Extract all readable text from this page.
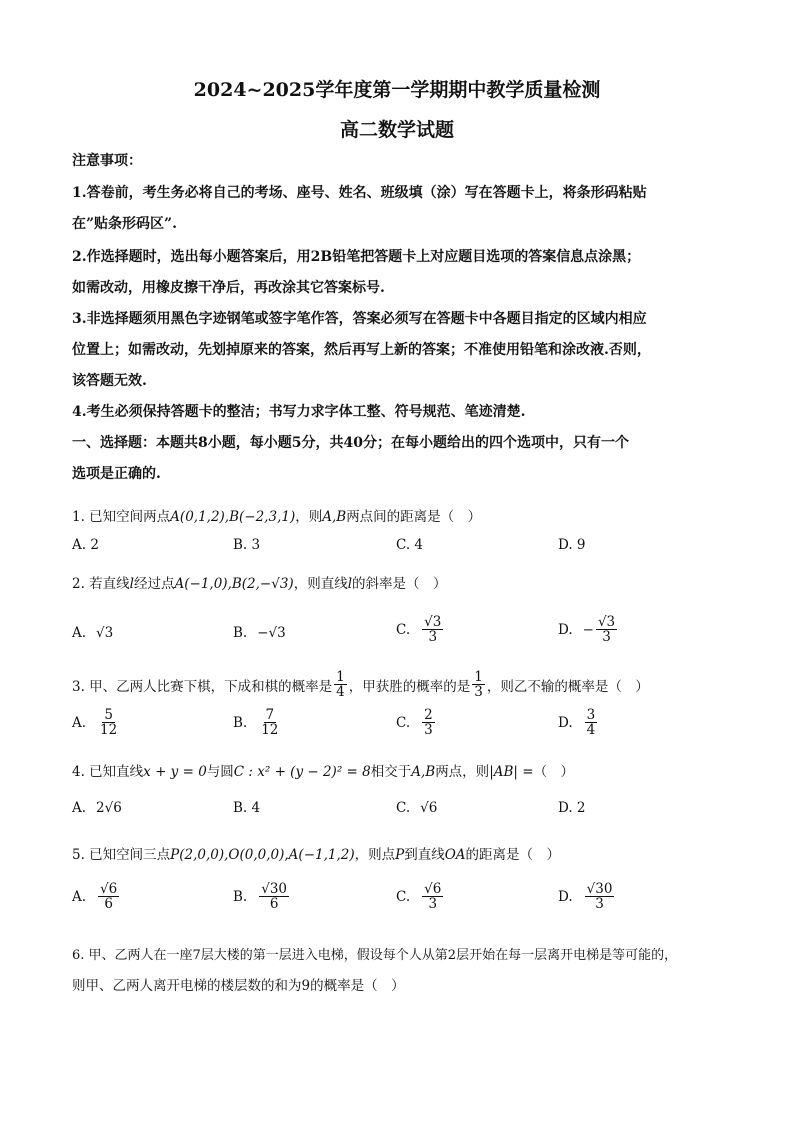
2024~2025学年度第一学期期中教学质量检测
高二数学试题
注意事项：
1.答卷前，考生务必将自己的考场、座号、姓名、班级填（涂）写在答题卡上，将条形码粘贴
在”贴条形码区”.
2.作选择题时，选出每小题答案后，用2B铅笔把答题卡上对应题目选项的答案信息点涂黑；
如需改动，用橡皮擦干净后，再改涂其它答案标号.
3.非选择题须用黑色字迹钢笔或签字笔作答，答案必须写在答题卡中各题目指定的区域内相应
位置上；如需改动，先划掉原来的答案，然后再写上新的答案；不准使用铅笔和涂改液.否则，
该答题无效.
4.考生必须保持答题卡的整洁；书写力求字体工整、符号规范、笔迹清楚.
一、选择题：本题共8小题，每小题5分，共40分；在每小题给出的四个选项中，只有一个
选项是正确的.
1. 已知空间两点A(0,1,2),B(−2,3,1)，则A,B两点间的距离是（　）
A. 2	B. 3	C. 4	D. 9
2. 若直线l经过点A(−1,0),B(2,−√3)，则直线l的斜率是（　）
A. √3	B. −√3	C. $\frac{√3}{3}$	D. − $\frac{√3}{3}$
3. 甲、乙两人比赛下棋，下成和棋的概率是 $\frac{1}{4}$ ，甲获胜的概率的是 $\frac{1}{3}$ ，则乙不输的概率是（　）
A. $\frac{5}{12}$	B. $\frac{7}{12}$	C. $\frac{2}{3}$	D. $\frac{3}{4}$
4. 已知直线x + y = 0与圆C : x² + (y − 2)² = 8相交于A,B两点，则|AB| =（　）
A. 2√6	B. 4	C. √6	D. 2
5. 已知空间三点P(2,0,0),O(0,0,0),A(−1,1,2)，则点P到直线OA的距离是（　）
A. $\frac{√6}{6}$	B. $\frac{√30}{6}$	C. $\frac{√6}{3}$	D. $\frac{√30}{3}$
6. 甲、乙两人在一座7层大楼的第一层进入电梯，假设每个人从第2层开始在每一层离开电梯是等可能的，
则甲、乙两人离开电梯的楼层数的和为9的概率是（　）
